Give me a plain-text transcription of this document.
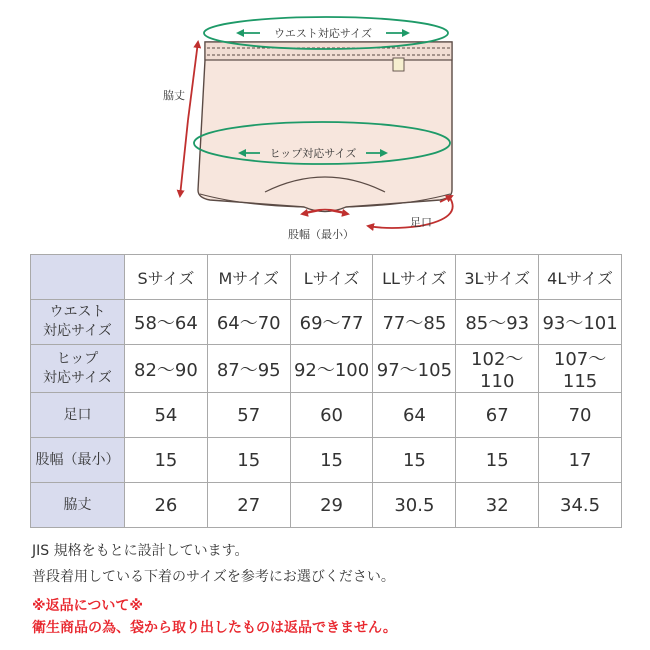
ウエスト対応サイズ
ヒップ対応サイズ
脇丈
足口
股幅（最小）
	Sサイズ	Mサイズ	Lサイズ	LLサイズ	3Lサイズ	4Lサイズ
ウエスト
対応サイズ	58〜64	64〜70	69〜77	77〜85	85〜93	93〜101
ヒップ
対応サイズ	82〜90	87〜95	92〜100	97〜105	102〜110	107〜115
足口	54	57	60	64	67	70
股幅（最小）	15	15	15	15	15	17
脇丈	26	27	29	30.5	32	34.5
JIS 規格をもとに設計しています。
普段着用している下着のサイズを参考にお選びください。
※返品について※
衛生商品の為、袋から取り出したものは返品できません。
